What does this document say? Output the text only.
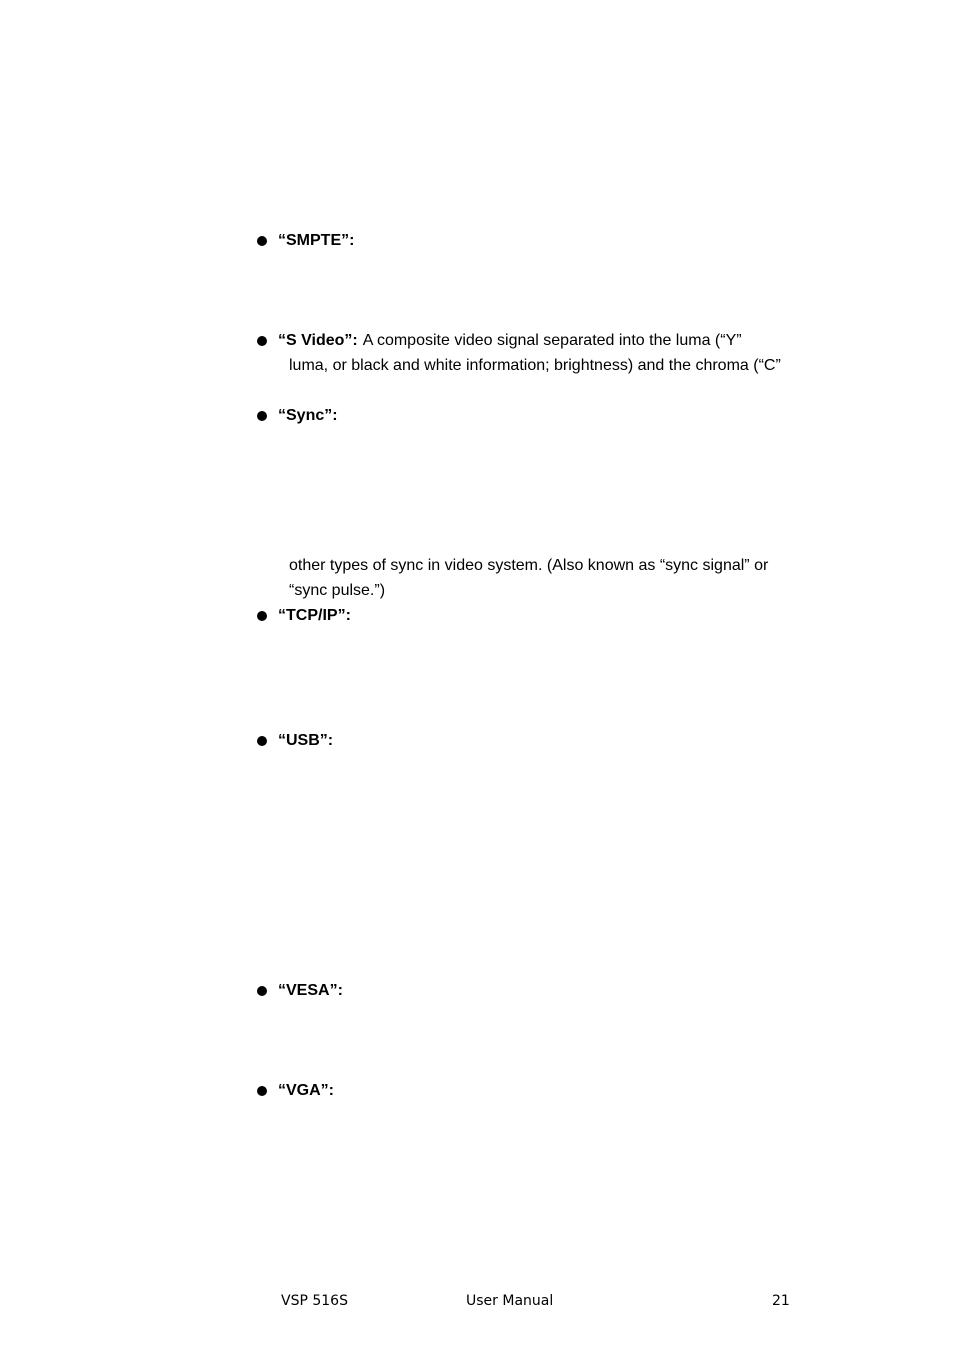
“SMPTE”:
“S Video”: A composite video signal separated into the luma (“Y”
luma, or black and white information; brightness) and the chroma (“C”
“Sync”:
other types of sync in video system. (Also known as “sync signal” or
“sync pulse.”)
“TCP/IP”:
“USB”:
“VESA”:
“VGA”:
VSP 516S	User Manual	21
